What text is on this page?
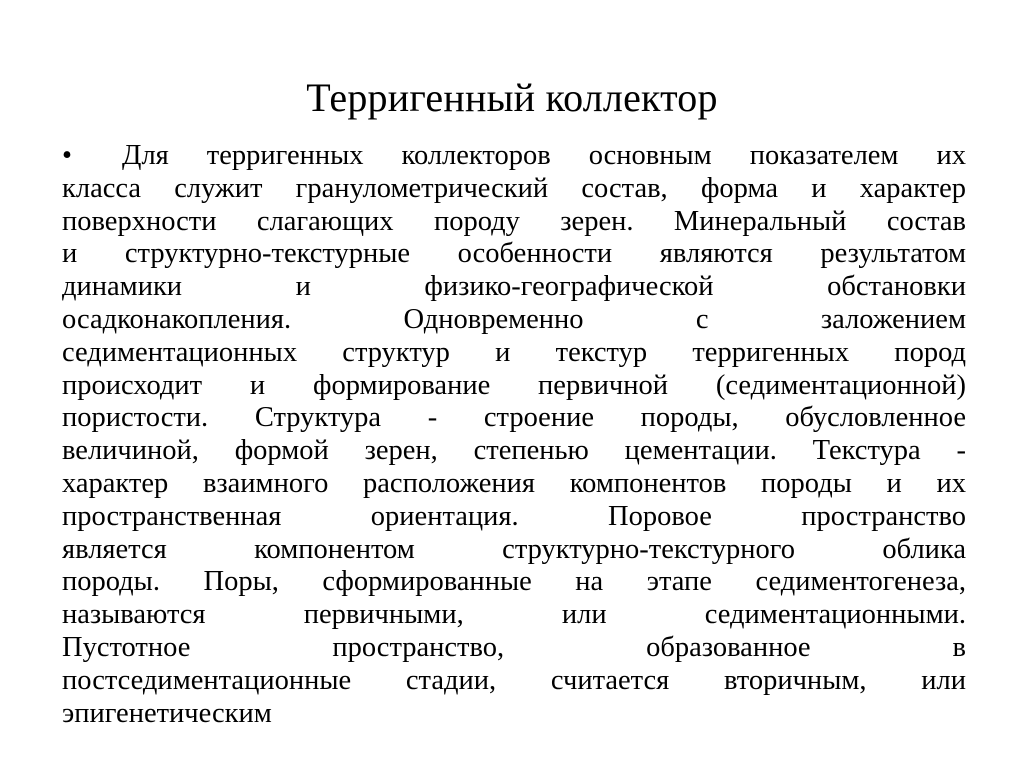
Терригенный коллектор
• Для терригенных коллекторов основным показателем их
класса служит гранулометрический состав, форма и характер
поверхности слагающих породу зерен. Минеральный состав
и структурно-текстурные особенности являются результатом
динамики и физико-географической обстановки
осадконакопления. Одновременно с заложением
седиментационных структур и текстур терригенных пород
происходит и формирование первичной (седиментационной)
пористости. Структура - строение породы, обусловленное
величиной, формой зерен, степенью цементации. Текстура -
характер взаимного расположения компонентов породы и их
пространственная ориентация. Поровое пространство
является компонентом структурно-текстурного облика
породы. Поры, сформированные на этапе седиментогенеза,
называются первичными, или седиментационными.
Пустотное пространство, образованное в
постседиментационные стадии, считается вторичным, или
эпигенетическим
